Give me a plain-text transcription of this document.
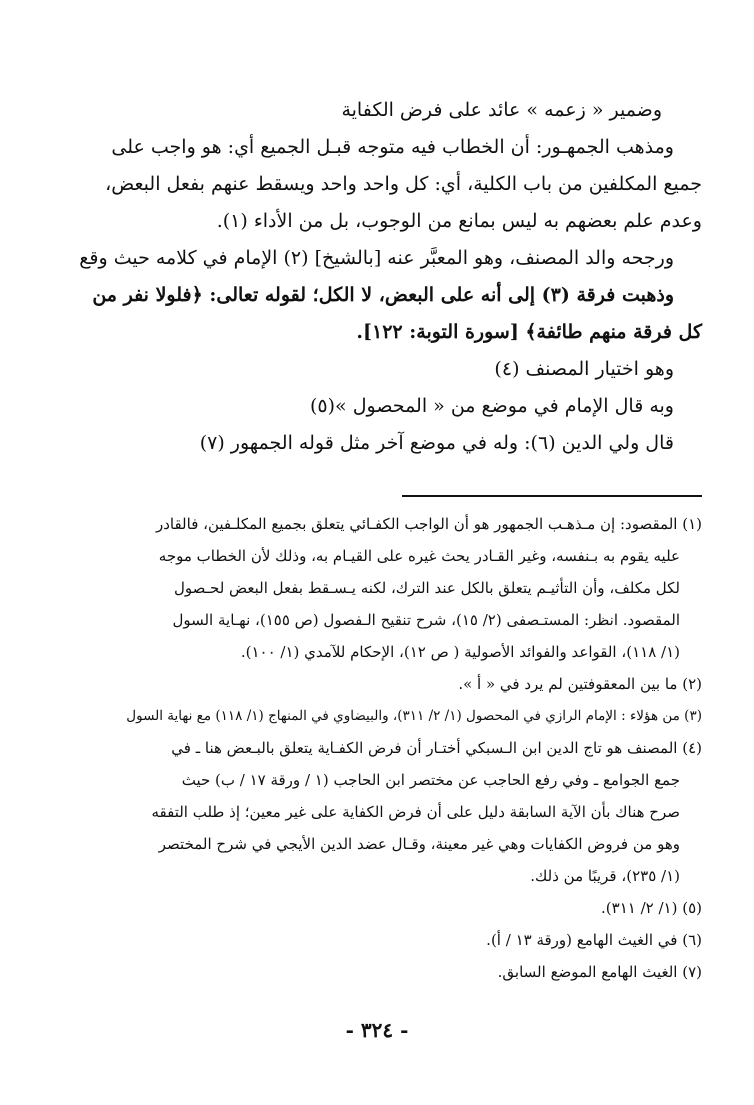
وضمير « زعمه » عائد على فرض الكفاية
ومذهب الجمهـور: أن الخطاب فيه متوجه قبـل الجميع أي: هو واجب على
جميع المكلفين من باب الكلية، أي: كل واحد واحد ويسقط عنهم بفعل البعض،
وعدم علم بعضهم به ليس بمانع من الوجوب، بل من الأداء (١).
ورجحه والد المصنف، وهو المعبَّر عنه [بالشيخ] (٢) الإمام في كلامه حيث وقع
وذهبت فرقة (٣) إلى أنه على البعض، لا الكل؛ لقوله تعالى: ﴿فلولا نفر من
كل فرقة منهم طائفة﴾ [سورة التوبة: ١٢٢].
وهو اختيار المصنف (٤)
وبه قال الإمام في موضع من « المحصول »(٥)
قال ولي الدين (٦): وله في موضع آخر مثل قوله الجمهور (٧)
(١) المقصود: إن مـذهـب الجمهور هو أن الواجب الكفـائي يتعلق بجميع المكلـفين، فالقادر
عليه يقوم به بـنفسه، وغير القـادر يحث غيره على القيـام به، وذلك لأن الخطاب موجه
لكل مكلف، وأن التأثيـم يتعلق بالكل عند الترك، لكنه يـسـقط بفعل البعض لحـصول
المقصود. انظر: المستـصفى (٢/ ١٥)، شرح تنقيح الـفصول (ص ١٥٥)، نهـاية السول
(١/ ١١٨)، القواعد والفوائد الأصولية ( ص ١٢)، الإحكام للآمدي (١/ ١٠٠).
(٢) ما بين المعقوفتين لم يرد في « أ ».
(٣) من هؤلاء : الإمام الرازي في المحصول (١/ ٢/ ٣١١)، والبيضاوي في المنهاج (١/ ١١٨) مع نهاية السول
(٤) المصنف هو تاج الدين ابن الـسبكي أختـار أن فرض الكفـاية يتعلق بالبـعض هنا ـ في
جمع الجوامع ـ وفي رفع الحاجب عن مختصر ابن الحاجب (١ / ورقة ١٧ / ب) حيث
صرح هناك بأن الآية السابقة دليل على أن فرض الكفاية على غير معين؛ إذ طلب التفقه
وهو من فروض الكفايات وهي غير معينة، وقـال عضد الدين الأيجي في شرح المختصر
(١/ ٢٣٥)، قريبًا من ذلك.
(٥) (١/ ٢/ ٣١١).
(٦) في الغيث الهامع (ورقة ١٣ / أ).
(٧) الغيث الهامع الموضع السابق.
- ٣٢٤ -
